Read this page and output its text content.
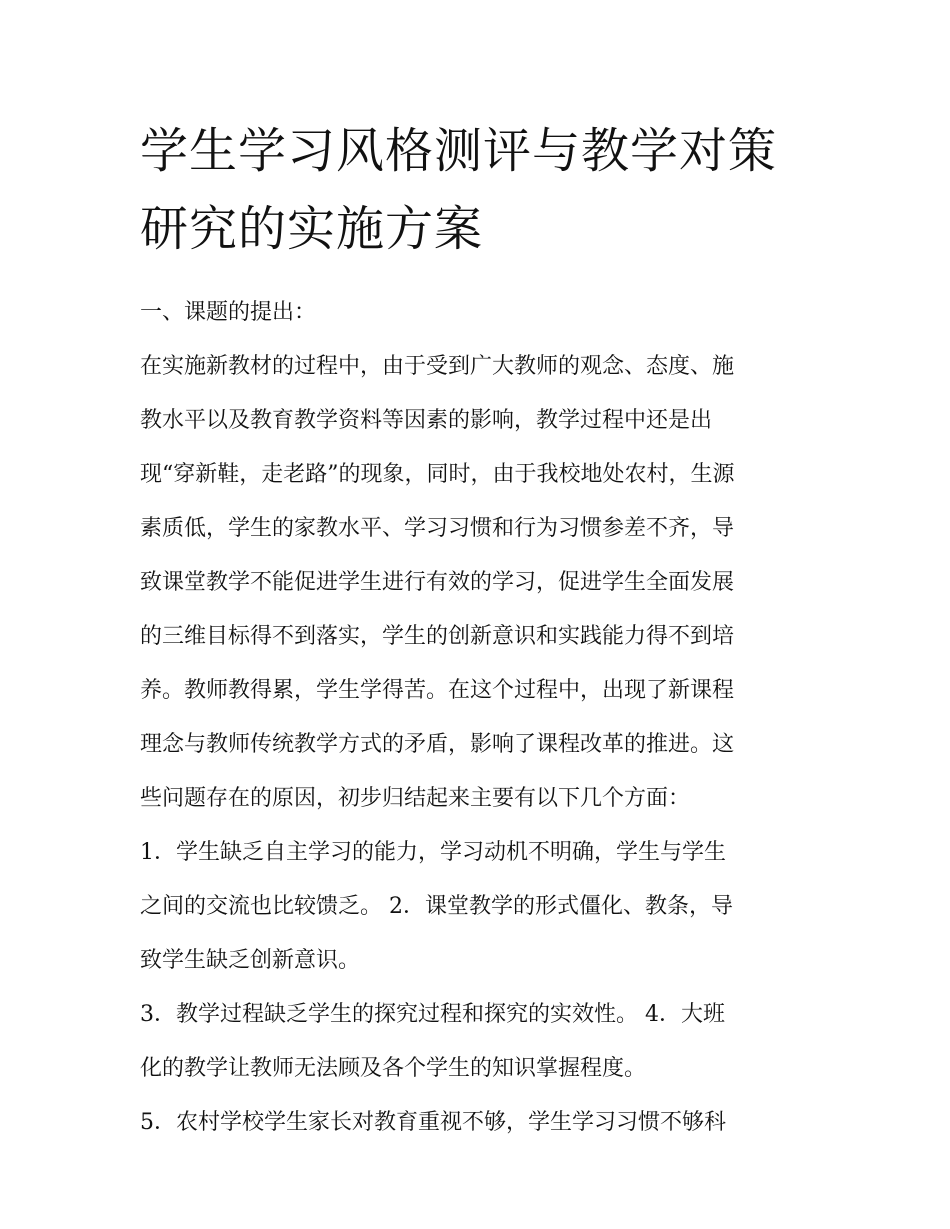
学生学习风格测评与教学对策
研究的实施方案
一、课题的提出：
在实施新教材的过程中，由于受到广大教师的观念、态度、施
教水平以及教育教学资料等因素的影响，教学过程中还是出
现“穿新鞋，走老路”的现象，同时，由于我校地处农村，生源
素质低，学生的家教水平、学习习惯和行为习惯参差不齐，导
致课堂教学不能促进学生进行有效的学习，促进学生全面发展
的三维目标得不到落实，学生的创新意识和实践能力得不到培
养。教师教得累，学生学得苦。在这个过程中，出现了新课程
理念与教师传统教学方式的矛盾，影响了课程改革的推进。这
些问题存在的原因，初步归结起来主要有以下几个方面：
1．学生缺乏自主学习的能力，学习动机不明确，学生与学生
之间的交流也比较馈乏。 2．课堂教学的形式僵化、教条，导
致学生缺乏创新意识。
3．教学过程缺乏学生的探究过程和探究的实效性。 4．大班
化的教学让教师无法顾及各个学生的知识掌握程度。
5．农村学校学生家长对教育重视不够，学生学习习惯不够科
